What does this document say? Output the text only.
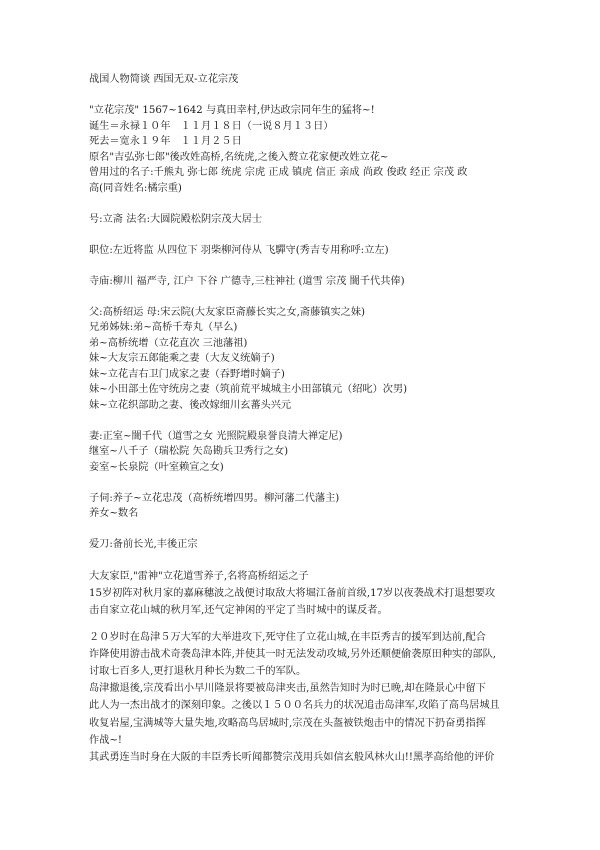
战国人物简谈 西国无双-立花宗茂
"立花宗茂" 1567~1642 与真田幸村,伊达政宗同年生的猛将~!
诞生＝永禄１０年　１１月１８日（一说８月１３日）
死去＝宽永１９年　１１月２５日
原名"吉弘弥七郎"後改姓高桥,名统虎,之後入赘立花家便改姓立花~
曾用过的名子:千熊丸 弥七郎 统虎 宗虎 正成 镇虎 信正 亲成 尚政 俊政 经正 宗茂 政
高(同音姓名:橘宗重)
号:立斋 法名:大圆院殿松阴宗茂大居士
职位:左近将监 从四位下 羽柴柳河侍从 飞驒守(秀吉专用称呼:立左)
寺庙:柳川 福严寺, 江户 下谷 广德寺,三柱神社 (道雪 宗茂 闇千代共俸)
父:高桥绍运 母:宋云院(大友家臣斋藤长实之女,斋藤镇实之妹)
兄弟姊妹:弟~高桥千寿丸（早么)
弟~高桥统增（立花直次 三池藩祖)
妹~大友宗五郎能乘之妻（大友义统嫡子)
妹~立花吉右卫门成家之妻（吞野增时嫡子)
妹~小田部土佐守统房之妻（筑前荒平城城主小田部镇元（绍叱）次男)
妹~立花织部助之妻、後改嫁细川玄蕃头兴元
妻:正室~闇千代（道雪之女 光照院殿泉誉良清大禅定尼)
继室~八千子（瑞松院 矢岛勘兵卫秀行之女)
妾室~长泉院（叶室赖宣之女)
子伺:养子~立花忠茂（高桥统增四男。柳河藩二代藩主)
养女~数名
爱刀:备前长光,丰後正宗
大友家臣,"雷神"立花道雪养子,名将高桥绍运之子
15岁初阵对秋月家的嘉麻穗波之战便讨取敌大将堀江备前首级,17岁以夜袭战术打退想要攻
击自家立花山城的秋月军,还气定神闲的平定了当时城中的谋反者。
２０岁时在岛津５万大军的大举进攻下,死守住了立花山城,在丰臣秀吉的援军到达前,配合
诈降使用游击战术奇袭岛津本阵,并使其一时无法发动攻城,另外还顺便偷袭原田种实的部队,
讨取七百多人,更打退秋月种长为数二千的军队。
岛津撤退後,宗茂看出小早川隆景将要被岛津夹击,虽然告知时为时已晚,却在隆景心中留下
此人为一杰出战才的深刻印象。之後以１５００名兵力的状况追击岛津军,攻陷了高鸟居城且
收复岩屋,宝满城等大量失地,攻略高鸟居城时,宗茂在头盔被铁炮击中的情况下扔奋勇指挥
作战~!
其武勇连当时身在大阪的丰臣秀长听闻都赞宗茂用兵如信玄般风林火山!!黑孝高给他的评价
